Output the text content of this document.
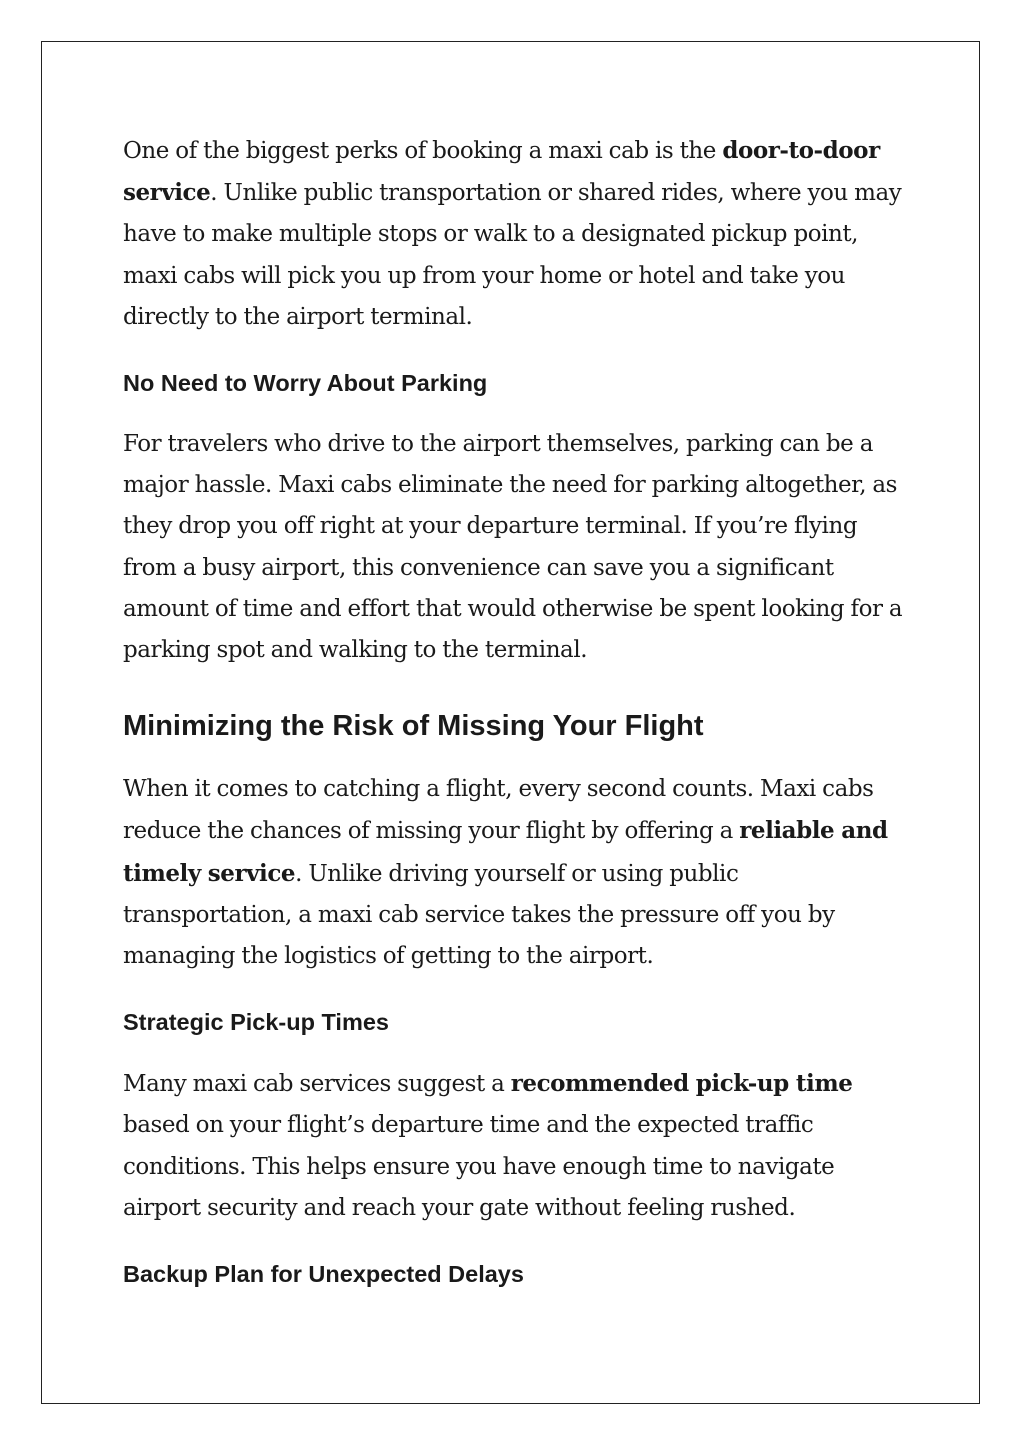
One of the biggest perks of booking a maxi cab is the door-to-door service. Unlike public transportation or shared rides, where you may have to make multiple stops or walk to a designated pickup point, maxi cabs will pick you up from your home or hotel and take you directly to the airport terminal.

No Need to Worry About Parking

For travelers who drive to the airport themselves, parking can be a major hassle. Maxi cabs eliminate the need for parking altogether, as they drop you off right at your departure terminal. If you’re flying from a busy airport, this convenience can save you a significant amount of time and effort that would otherwise be spent looking for a parking spot and walking to the terminal.

Minimizing the Risk of Missing Your Flight

When it comes to catching a flight, every second counts. Maxi cabs reduce the chances of missing your flight by offering a reliable and timely service. Unlike driving yourself or using public transportation, a maxi cab service takes the pressure off you by managing the logistics of getting to the airport.

Strategic Pick-up Times

Many maxi cab services suggest a recommended pick-up time based on your flight’s departure time and the expected traffic conditions. This helps ensure you have enough time to navigate airport security and reach your gate without feeling rushed.

Backup Plan for Unexpected Delays
